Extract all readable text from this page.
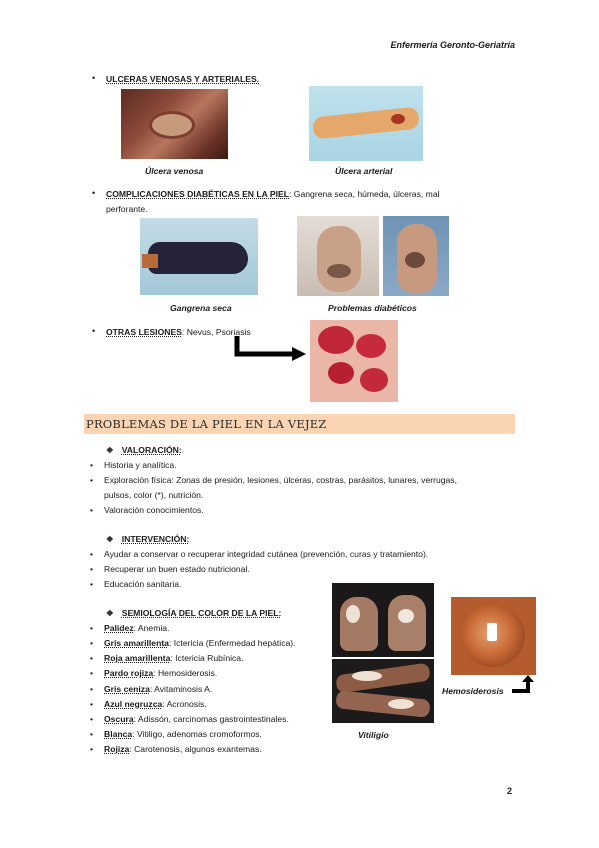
Enfermería Geronto-Geriatría
• ULCERAS VENOSAS Y ARTERIALES.
Úlcera venosa	Úlcera arterial
• COMPLICACIONES DIABÉTICAS EN LA PIEL: Gangrena seca, húmeda, úlceras, mal
perforante.
Gangrena seca	Problemas diabéticos
• OTRAS LESIONES: Nevus, Psoriasis
PROBLEMAS DE LA PIEL EN LA VEJEZ
❖ VALORACIÓN:
• Historia y analítica.
• Exploración física: Zonas de presión, lesiones, úlceras, costras, parásitos, lunares, verrugas,
pulsos, color (*), nutrición.
• Valoración conocimientos.
❖ INTERVENCIÓN:
• Ayudar a conservar o recuperar integridad cutánea (prevención, curas y tratamiento).
• Recuperar un buen estado nutricional.
• Educación sanitaria.
❖ SEMIOLOGÍA DEL COLOR DE LA PIEL:
• Palidez: Anemia.
• Gris amarillenta: Ictericia (Enfermedad hepática).
• Roja amarillenta: Ictericia Rubínica.
• Pardo rojiza: Hemosiderosis.
• Gris ceniza: Avitaminosis A.
• Azul negruzca: Acronosis.
• Oscura: Adissón, carcinomas gastrointestinales.
• Blanca: Vitiligo, adenomas cromoformos.
• Rojiza: Carotenosis, algunos exantemas.
Vitiligio
Hemosiderosis
2
